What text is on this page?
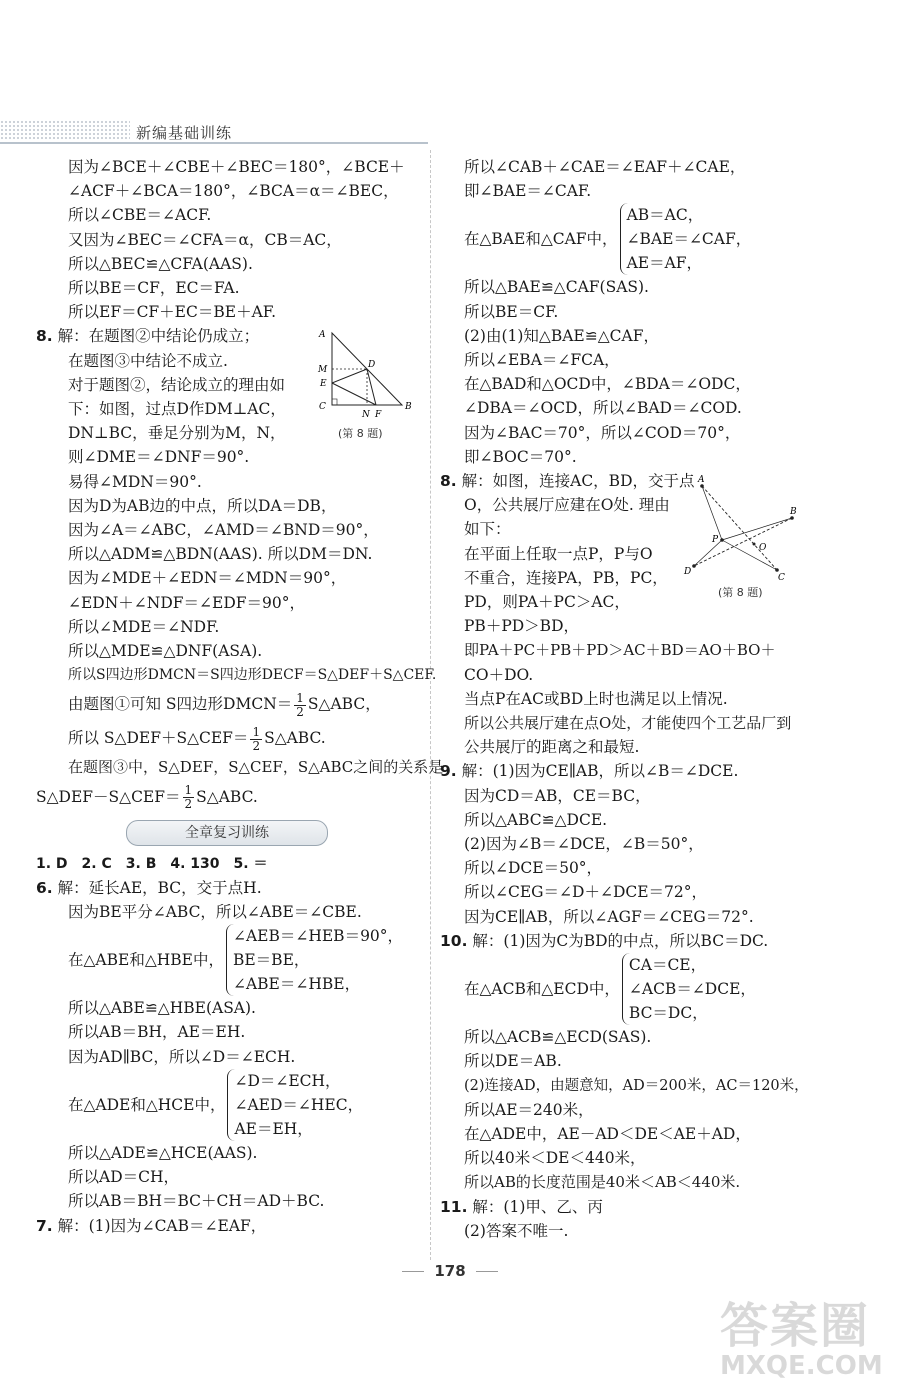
新编基础训练
因为∠BCE＋∠CBE＋∠BEC＝180°，∠BCE＋
∠ACF＋∠BCA＝180°，∠BCA＝α＝∠BEC，
所以∠CBE＝∠ACF.
又因为∠BEC＝∠CFA＝α，CB＝AC，
所以△BEC≌△CFA(AAS).
所以BE＝CF，EC＝FA.
所以EF＝CF＋EC＝BE＋AF.
8. 解：在题图②中结论仍成立；
在题图③中结论不成立.
对于题图②，结论成立的理由如
下：如图，过点D作DM⊥AC，
DN⊥BC，垂足分别为M，N，
则∠DME＝∠DNF＝90°.
易得∠MDN＝90°.
因为D为AB边的中点，所以DA＝DB，
因为∠A＝∠ABC，∠AMD＝∠BND＝90°，
所以△ADM≌△BDN(AAS). 所以DM＝DN.
因为∠MDE＋∠EDN＝∠MDN＝90°，
∠EDN＋∠NDF＝∠EDF＝90°，
所以∠MDE＝∠NDF.
所以△MDE≌△DNF(ASA).
所以S四边形DMCN＝S四边形DECF＝S△DEF＋S△CEF.
由题图①可知 S四边形DMCN＝ $\frac{1}{2}$ S△ABC，
所以 S△DEF＋S△CEF＝ $\frac{1}{2}$ S△ABC.
在题图③中，S△DEF，S△CEF，S△ABC之间的关系是
S△DEF－S△CEF＝ $\frac{1}{2}$ S△ABC.
全章复习训练
1. D　2. C　3. B　4. 130　5. ＝
6. 解：延长AE，BC，交于点H.
因为BE平分∠ABC，所以∠ABE＝∠CBE.
在△ABE和△HBE中，
∠AEB＝∠HEB＝90°，
BE＝BE，
∠ABE＝∠HBE，
所以△ABE≌△HBE(ASA).
所以AB＝BH，AE＝EH.
因为AD∥BC，所以∠D＝∠ECH.
在△ADE和△HCE中，
∠D＝∠ECH，
∠AED＝∠HEC，
AE＝EH，
所以△ADE≌△HCE(AAS).
所以AD＝CH，
所以AB＝BH＝BC＋CH＝AD＋BC.
7. 解：(1)因为∠CAB＝∠EAF，
A
B
C
D
E
F
M
N
(第 8 题)
所以∠CAB＋∠CAE＝∠EAF＋∠CAE，
即∠BAE＝∠CAF.
在△BAE和△CAF中，
AB＝AC，
∠BAE＝∠CAF，
AE＝AF，
所以△BAE≌△CAF(SAS).
所以BE＝CF.
(2)由(1)知△BAE≌△CAF，
所以∠EBA＝∠FCA，
在△BAD和△OCD中，∠BDA＝∠ODC，
∠DBA＝∠OCD，所以∠BAD＝∠COD.
因为∠BAC＝70°，所以∠COD＝70°，
即∠BOC＝70°.
8. 解：如图，连接AC，BD，交于点
O，公共展厅应建在O处. 理由
如下：
在平面上任取一点P，P与O
不重合，连接PA，PB，PC，
PD，则PA＋PC＞AC，
PB＋PD＞BD，
即PA＋PC＋PB＋PD＞AC＋BD＝AO＋BO＋
CO＋DO.
当点P在AC或BD上时也满足以上情况.
所以公共展厅建在点O处，才能使四个工艺品厂到
公共展厅的距离之和最短.
9. 解：(1)因为CE∥AB，所以∠B＝∠DCE.
因为CD＝AB，CE＝BC，
所以△ABC≌△DCE.
(2)因为∠B＝∠DCE，∠B＝50°，
所以∠DCE＝50°，
所以∠CEG＝∠D＋∠DCE＝72°，
因为CE∥AB，所以∠AGF＝∠CEG＝72°.
10. 解：(1)因为C为BD的中点，所以BC＝DC.
在△ACB和△ECD中，
CA＝CE，
∠ACB＝∠DCE，
BC＝DC，
所以△ACB≌△ECD(SAS).
所以DE＝AB.
(2)连接AD，由题意知，AD＝200米，AC＝120米，
所以AE＝240米，
在△ADE中，AE－AD＜DE＜AE＋AD，
所以40米＜DE＜440米，
所以AB的长度范围是40米＜AB＜440米.
11. 解：(1)甲、乙、丙
(2)答案不唯一.
A
B
C
D
O
P
(第 8 题)
178
答案圈
MXQE.COM
